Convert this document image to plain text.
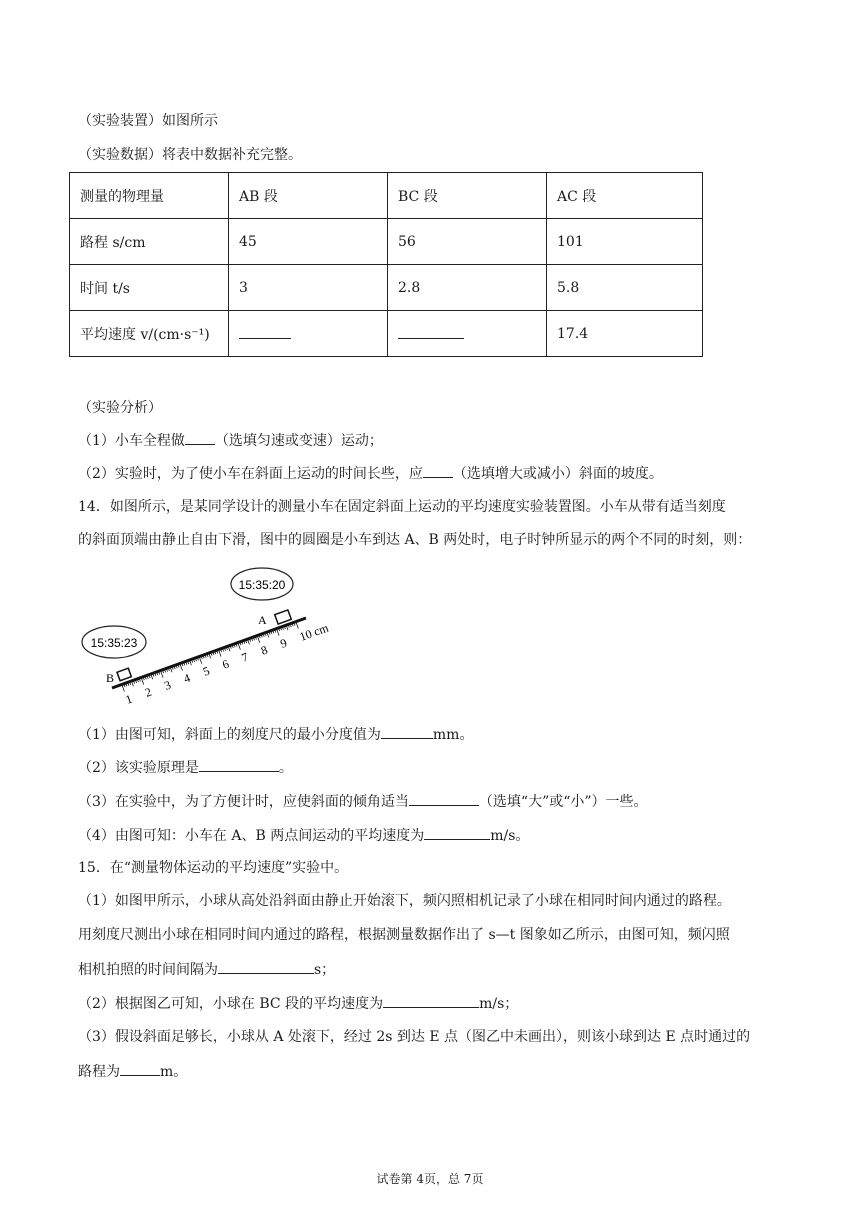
（实验装置）如图所示
（实验数据）将表中数据补充完整。
测量的物理量	AB 段	BC 段	AC 段
路程 s/cm	45	56	101
时间 t/s	3	2.8	5.8
平均速度 v/(cm·s⁻¹)			17.4
（实验分析）
（1）小车全程做 （选填匀速或变速）运动；
（2）实验时，为了使小车在斜面上运动的时间长些，应 （选填增大或减小）斜面的坡度。
14．如图所示，是某同学设计的测量小车在固定斜面上运动的平均速度实验装置图。小车从带有适当刻度
的斜面顶端由静止自由下滑，图中的圆圈是小车到达 A、B 两处时，电子时钟所显示的两个不同的时刻，则：
15:35:20
15:35:23
A
B
1 2 3 4 5 6 7 8 9 10 cm
（1）由图可知，斜面上的刻度尺的最小分度值为	mm。
（2）该实验原理是	。
（3）在实验中，为了方便计时，应使斜面的倾角适当	（选填“大”或“小”）一些。
（4）由图可知：小车在 A、B 两点间运动的平均速度为	m/s。
15．在“测量物体运动的平均速度”实验中。
（1）如图甲所示，小球从高处沿斜面由静止开始滚下，频闪照相机记录了小球在相同时间内通过的路程。
用刻度尺测出小球在相同时间内通过的路程，根据测量数据作出了 s—t 图象如乙所示，由图可知，频闪照
相机拍照的时间间隔为	s；
（2）根据图乙可知，小球在 BC 段的平均速度为	m/s；
（3）假设斜面足够长，小球从 A 处滚下，经过 2s 到达 E 点（图乙中未画出），则该小球到达 E 点时通过的
路程为	m。
试卷第 4页，总 7页
